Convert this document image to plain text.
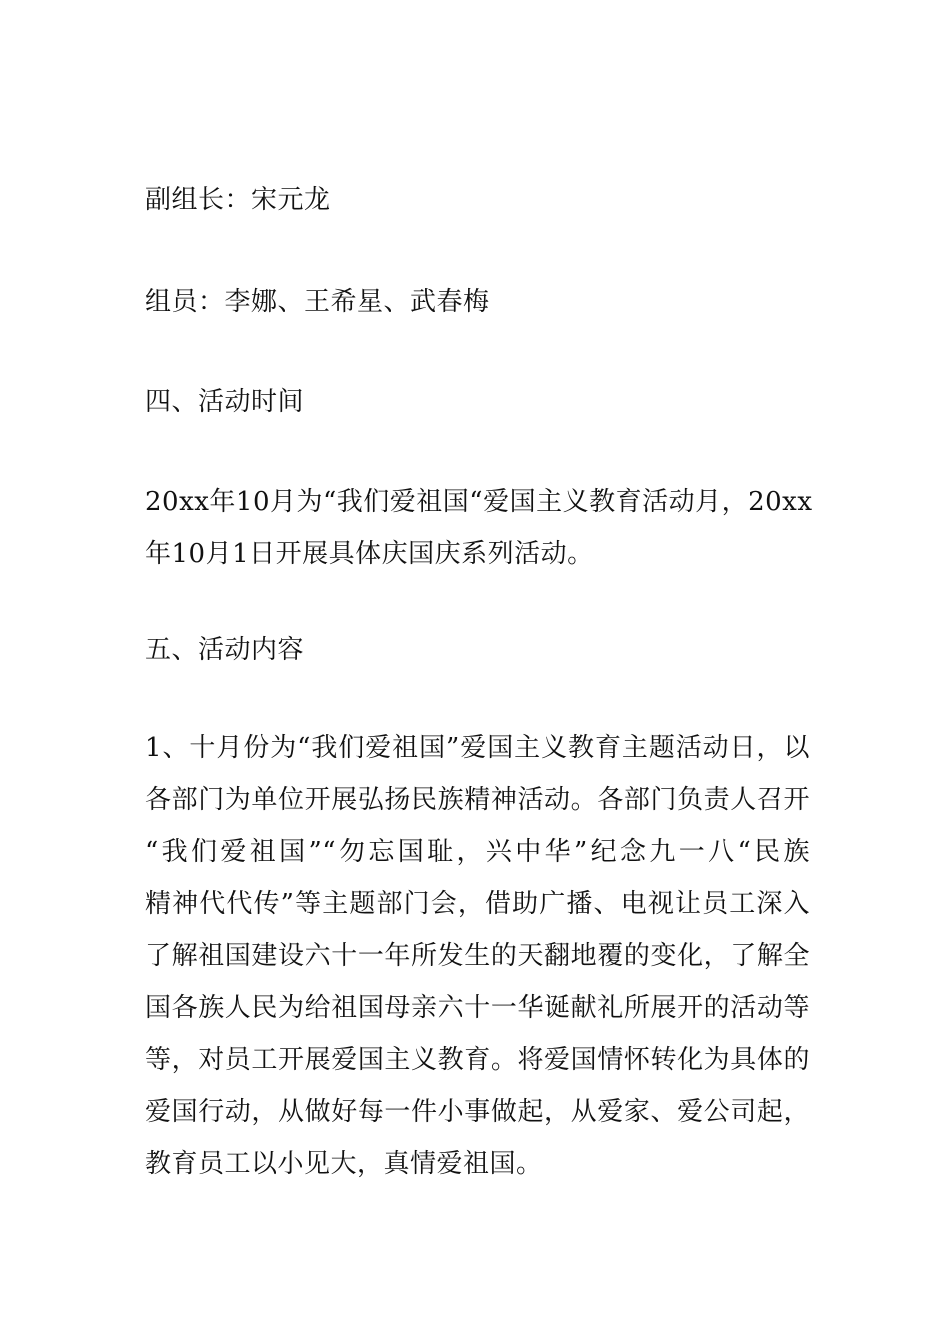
副组长：宋元龙
组员：李娜、王希星、武春梅
四、活动时间
20xx年10月为“我们爱祖国“爱国主义教育活动月，20xx
年10月1日开展具体庆国庆系列活动。
五、活动内容
1、十月份为“我们爱祖国”爱国主义教育主题活动日，以
各部门为单位开展弘扬民族精神活动。各部门负责人召开
“我们爱祖国”“勿忘国耻，兴中华”纪念九一八“民族
精神代代传”等主题部门会，借助广播、电视让员工深入
了解祖国建设六十一年所发生的天翻地覆的变化，了解全
国各族人民为给祖国母亲六十一华诞献礼所展开的活动等
等，对员工开展爱国主义教育。将爱国情怀转化为具体的
爱国行动，从做好每一件小事做起，从爱家、爱公司起，
教育员工以小见大，真情爱祖国。
